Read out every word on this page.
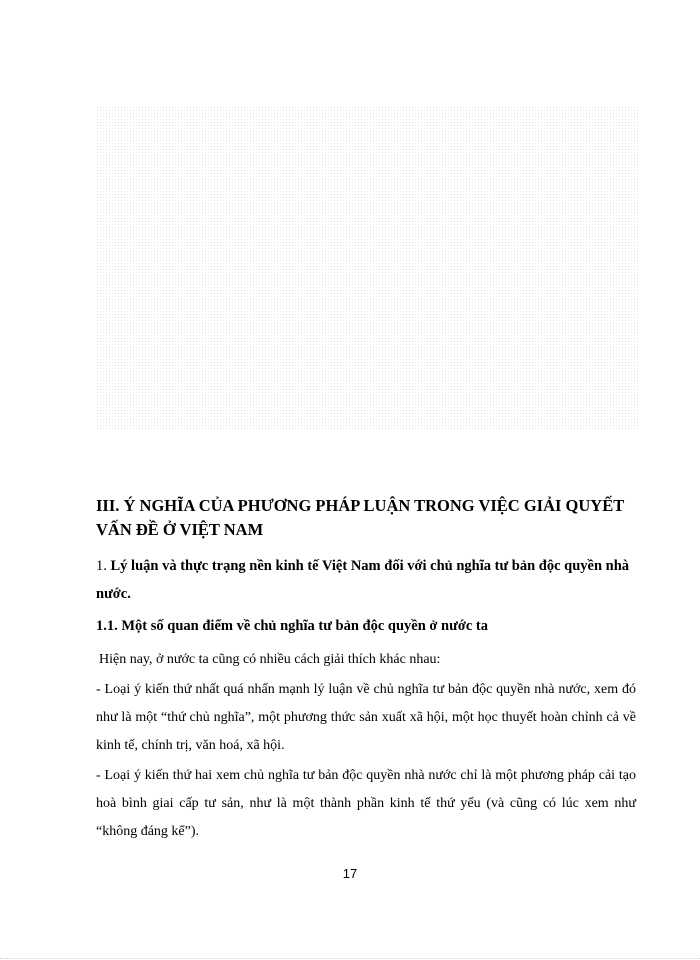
III. Ý NGHĨA CỦA PHƯƠNG PHÁP LUẬN TRONG VIỆC GIẢI QUYẾT VẤN ĐỀ Ở VIỆT NAM
1. Lý luận và thực trạng nền kinh tế Việt Nam đối với chủ nghĩa tư bản độc quyền nhà nước.
1.1. Một số quan điểm về chủ nghĩa tư bản độc quyền ở nước ta

Hiện nay, ở nước ta cũng có nhiều cách giải thích khác nhau:

- Loại ý kiến thứ nhất quá nhấn mạnh lý luận về chủ nghĩa tư bản độc quyền nhà nước, xem đó như là một “thứ chủ nghĩa”, một phương thức sản xuất xã hội, một học thuyết hoàn chỉnh cả về kinh tế, chính trị, văn hoá, xã hội.

- Loại ý kiến thứ hai xem chủ nghĩa tư bản độc quyền nhà nước chỉ là một phương pháp cải tạo hoà bình giai cấp tư sản, như là một thành phần kinh tế thứ yếu (và cũng có lúc xem như “không đáng kể”).

17
